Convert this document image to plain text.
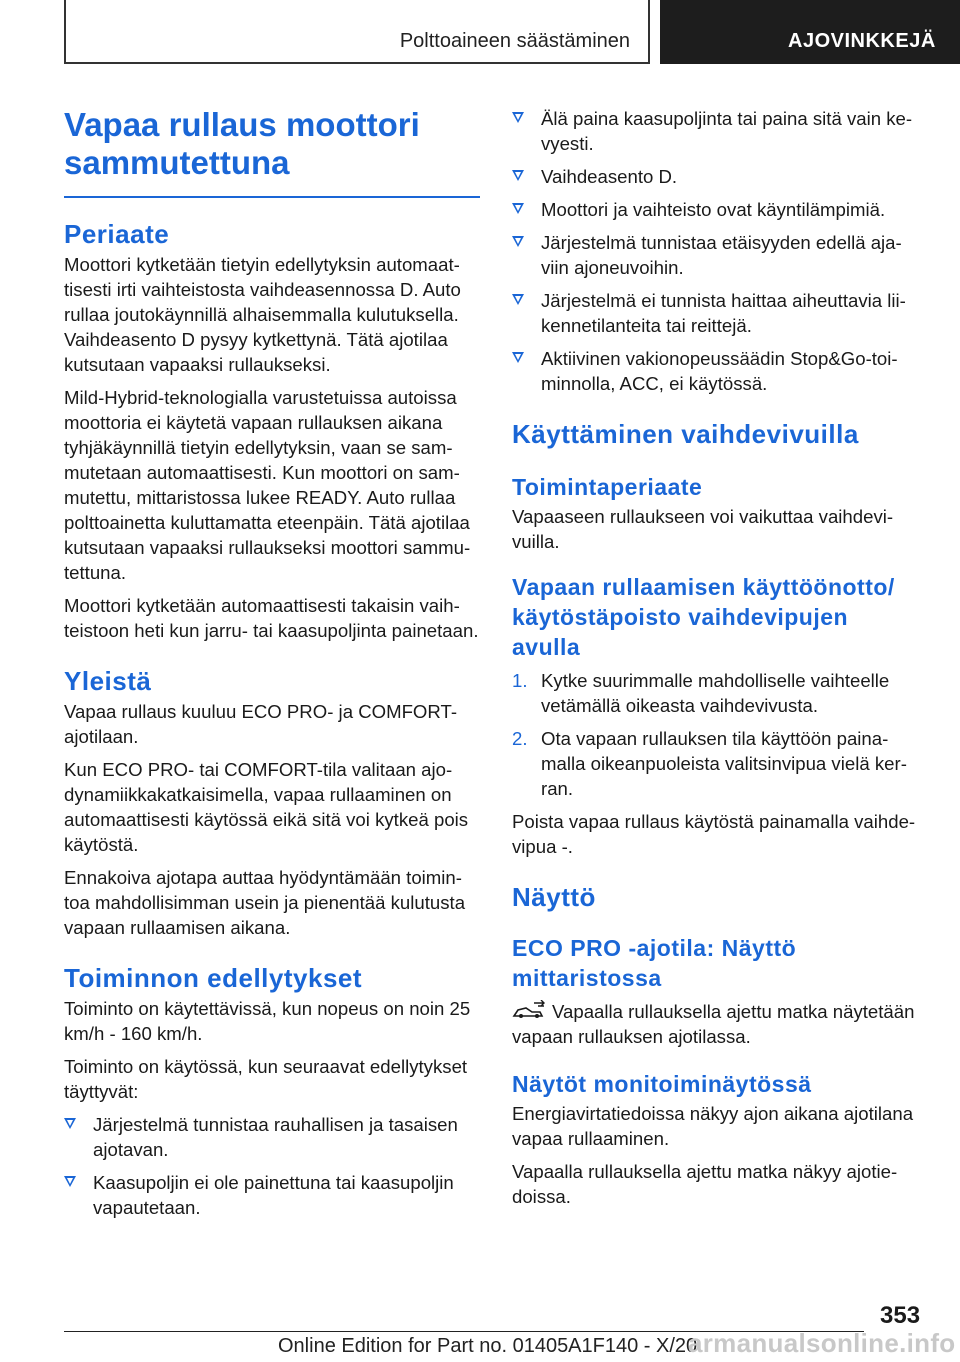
Polttoaineen säästäminen	AJOVINKKEJÄ
Vapaa rullaus moottori
sammutettuna
Periaate

Moottori kytketään tietyin edellytyksin automaattisesti irti vaihteistosta vaihdeasennossa D. Auto rullaa joutokäynnillä alhaisemmalla kulutuksella. Vaihdeasento D pysyy kytkettynä. Tätä ajotilaa kutsutaan vapaaksi rullaukseksi.

Mild-Hybrid-teknologialla varustetuissa autoissa moottoria ei käytetä vapaan rullauksen aikana tyhjäkäynnillä tietyin edellytyksin, vaan se sammutetaan automaattisesti. Kun moottori on sammutettu, mittaristossa lukee READY. Auto rullaa polttoainetta kuluttamatta eteenpäin. Tätä ajotilaa kutsutaan vapaaksi rullaukseksi moottori sammutettuna.

Moottori kytketään automaattisesti takaisin vaihteistoon heti kun jarru- tai kaasupoljinta painetaan.

Yleistä

Vapaa rullaus kuuluu ECO PRO- ja COMFORT-ajotilaan.

Kun ECO PRO- tai COMFORT-tila valitaan ajodynamiikkakatkaisimella, vapaa rullaaminen on automaattisesti käytössä eikä sitä voi kytkeä pois käytöstä.

Ennakoiva ajotapa auttaa hyödyntämään toimintoa mahdollisimman usein ja pienentää kulutusta vapaan rullaamisen aikana.

Toiminnon edellytykset

Toiminto on käytettävissä, kun nopeus on noin 25 km/h - 160 km/h.

Toiminto on käytössä, kun seuraavat edellytykset täyttyvät:

Järjestelmä tunnistaa rauhallisen ja tasaisen ajotavan.
Kaasupoljin ei ole painettuna tai kaasupoljin vapautetaan.
Älä paina kaasupoljinta tai paina sitä vain kevyesti.
Vaihdeasento D.
Moottori ja vaihteisto ovat käyntilämpimiä.
Järjestelmä tunnistaa etäisyyden edellä ajaviin ajoneuvoihin.
Järjestelmä ei tunnista haittaa aiheuttavia liikennetilanteita tai reittejä.
Aktiivinen vakionopeussäädin Stop&Go-toiminnolla, ACC, ei käytössä.
Käyttäminen vaihdevivuilla
Toimintaperiaate

Vapaaseen rullaukseen voi vaikuttaa vaihdevivuilla.

Vapaan rullaamisen käyttöönotto/ käytöstäpoisto vaihdevipujen avulla
1. Kytke suurimmalle mahdolliselle vaihteelle vetämällä oikeasta vaihdevivusta.
2. Ota vapaan rullauksen tila käyttöön painamalla oikeanpuoleista valitsinvipua vielä kerran.

Poista vapaa rullaus käytöstä painamalla vaihdevipua -.

Näyttö
ECO PRO -ajotila: Näyttö mittaristossa

Vapaalla rullauksella ajettu matka näytetään vapaan rullauksen ajotilassa.

Näytöt monitoiminäytössä

Energiavirtatiedoissa näkyy ajon aikana ajotilana vapaa rullaaminen.

Vapaalla rullauksella ajettu matka näkyy ajotiedoissa.

353
Online Edition for Part no. 01405A1F140 - X/20
armanualsonline.info
